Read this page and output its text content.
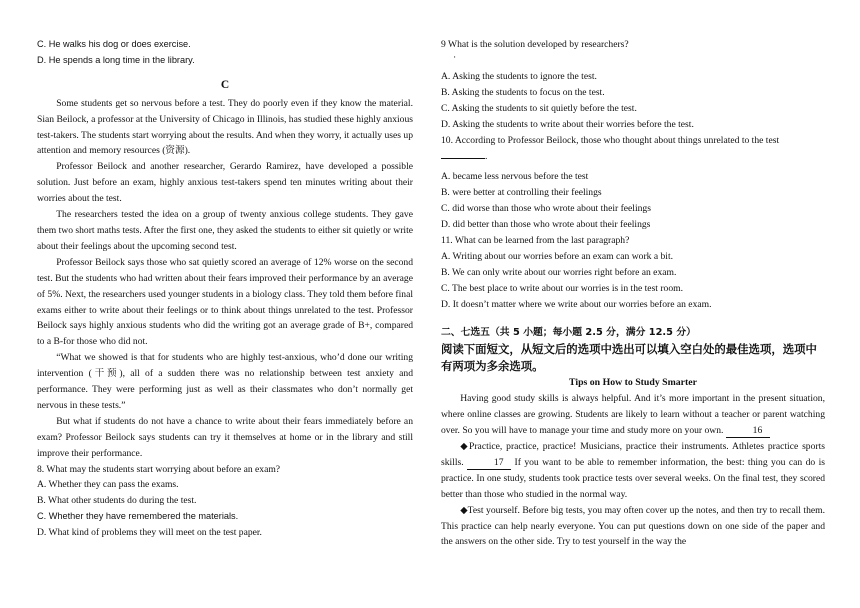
C. He walks his dog or does exercise.

D. He spends a long time in the library.

C

Some students get so nervous before a test. They do poorly even if they know the material. Sian Beilock, a professor at the University of Chicago in Illinois, has studied these highly anxious test-takers. The students start worrying about the results. And when they worry, it actually uses up attention and memory resources (资源).

Professor Beilock and another researcher, Gerardo Ramirez, have developed a possible solution. Just before an exam, highly anxious test-takers spend ten minutes writing about their worries about the test.

The researchers tested the idea on a group of twenty anxious college students. They gave them two short maths tests. After the first one, they asked the students to either sit quietly or write about their feelings about the upcoming second test.

Professor Beilock says those who sat quietly scored an average of 12% worse on the second test. But the students who had written about their fears improved their performance by an average of 5%. Next, the researchers used younger students in a biology class. They told them before final exams either to write about their feelings or to think about things unrelated to the test. Professor Beilock says highly anxious students who did the writing got an average grade of B+, compared to a B-for those who did not.

“What we showed is that for students who are highly test-anxious, who’d done our writing intervention (干预), all of a sudden there was no relationship between test anxiety and performance. They were performing just as well as their classmates who don’t normally get nervous in these tests.”

But what if students do not have a chance to write about their fears immediately before an exam? Professor Beilock says students can try it themselves at home or in the library and still improve their performance.

8. What may the students start worrying about before an exam?

A. Whether they can pass the exams.

B. What other students do during the test.

C. Whether they have remembered the materials.

D. What kind of problems they will meet on the test paper.

9 What is the solution developed by researchers?

·

A. Asking the students to ignore the test.

B. Asking the students to focus on the test.

C. Asking the students to sit quietly before the test.

D. Asking the students to write about their worries before the test.

10. According to Professor Beilock, those who thought about things unrelated to the test

.

A. became less nervous before the test

B. were better at controlling their feelings

C. did worse than those who wrote about their feelings

D. did better than those who wrote about their feelings

11. What can be learned from the last paragraph?

A. Writing about our worries before an exam can work a bit.

B. We can only write about our worries right before an exam.

C. The best place to write about our worries is in the test room.

D. It doesn’t matter where we write about our worries before an exam.

二、七选五（共 5 小题；每小题 2.5 分，满分 12.5 分）

阅读下面短文，从短文后的选项中选出可以填入空白处的最佳选项，选项中有两项为多余选项。

Tips on How to Study Smarter

Having good study skills is always helpful. And it’s more important in the present situation, where online classes are growing. Students are likely to learn without a teacher or parent watching over. So you will have to manage your time and study more on your own.	16

◆Practice, practice, practice! Musicians, practice their instruments. Athletes practice sports skills.	17 If you want to be able to remember information, the best: thing you can do is practice. In one study, students took practice tests over several weeks. On the final test, they scored better than those who studied in the normal way.

◆Test yourself. Before big tests, you may often cover up the notes, and then try to recall them. This practice can help nearly everyone. You can put questions down on one side of the paper and the answers on the other side. Try to test yourself in the way the
